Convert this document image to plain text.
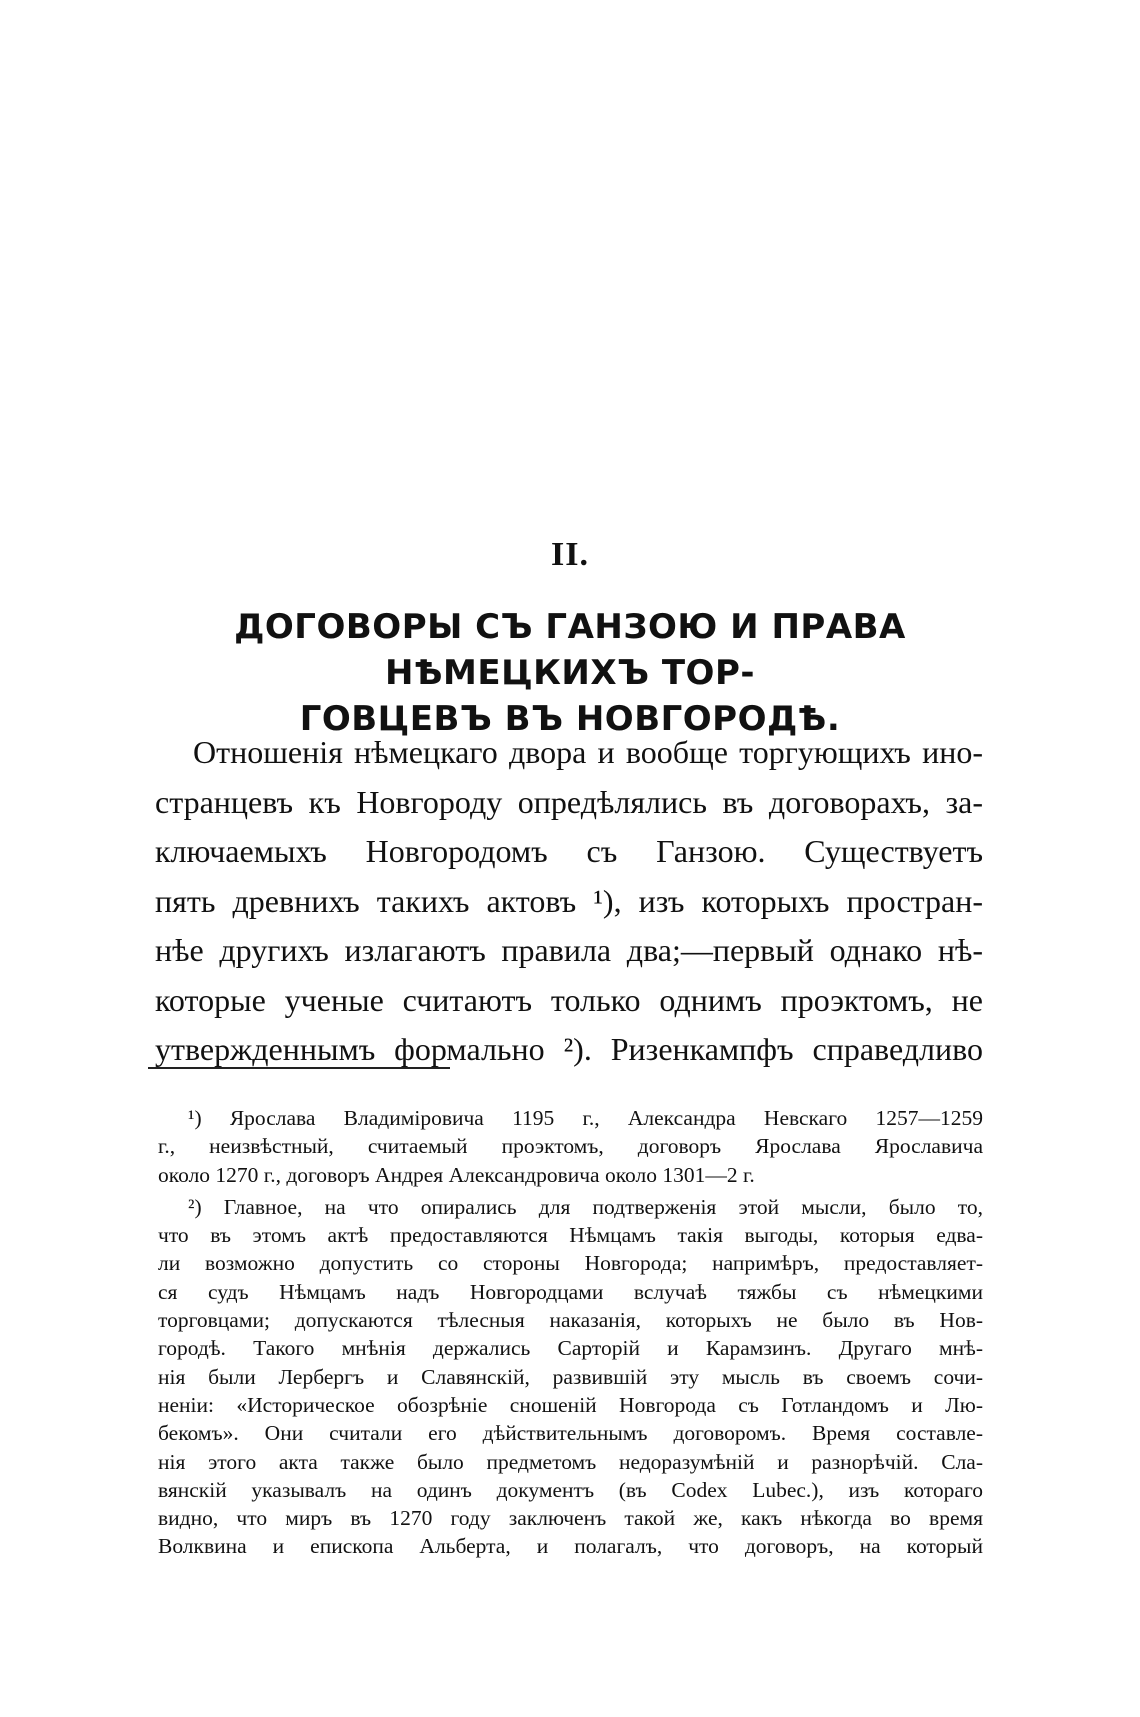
II.
ДОГОВОРЫ СЪ ГАНЗОЮ И ПРАВА НѢМЕЦКИХЪ ТОР-
ГОВЦЕВЪ ВЪ НОВГОРОДѢ.
Отношенія нѣмецкаго двора и вообще торгующихъ ино-
странцевъ къ Новгороду опредѣлялись въ договорахъ, за-
ключаемыхъ Новгородомъ съ Ганзою. Существуетъ
пять древнихъ такихъ актовъ ¹), изъ которыхъ простран-
нѣе другихъ излагаютъ правила два;—первый однако нѣ-
которые ученые считаютъ только однимъ проэктомъ, не
утвержденнымъ формально ²). Ризенкампфъ справедливо
¹) Ярослава Владиміровича 1195 г., Александра Невскаго 1257—1259
г., неизвѣстный, считаемый проэктомъ, договоръ Ярослава Ярославича
около 1270 г., договоръ Андрея Александровича около 1301—2 г.
²) Главное, на что опирались для подтверженія этой мысли, было то,
что въ этомъ актѣ предоставляются Нѣмцамъ такія выгоды, которыя едва-
ли возможно допустить со стороны Новгорода; напримѣръ, предоставляет-
ся судъ Нѣмцамъ надъ Новгородцами вслучаѣ тяжбы съ нѣмецкими
торговцами; допускаются тѣлесныя наказанія, которыхъ не было въ Нов-
городѣ. Такого мнѣнія держались Сарторій и Карамзинъ. Другаго мнѣ-
нія были Лербергъ и Славянскій, развившій эту мысль въ своемъ сочи-
неніи: «Историческое обозрѣніе сношеній Новгорода съ Готландомъ и Лю-
бекомъ». Они считали его дѣйствительнымъ договоромъ. Время составле-
нія этого акта также было предметомъ недоразумѣній и разнорѣчій. Сла-
вянскій указывалъ на одинъ документъ (въ Codex Lubec.), изъ котораго
видно, что миръ въ 1270 году заключенъ такой же, какъ нѣкогда во время
Волквина и епископа Альберта, и полагалъ, что договоръ, на который
